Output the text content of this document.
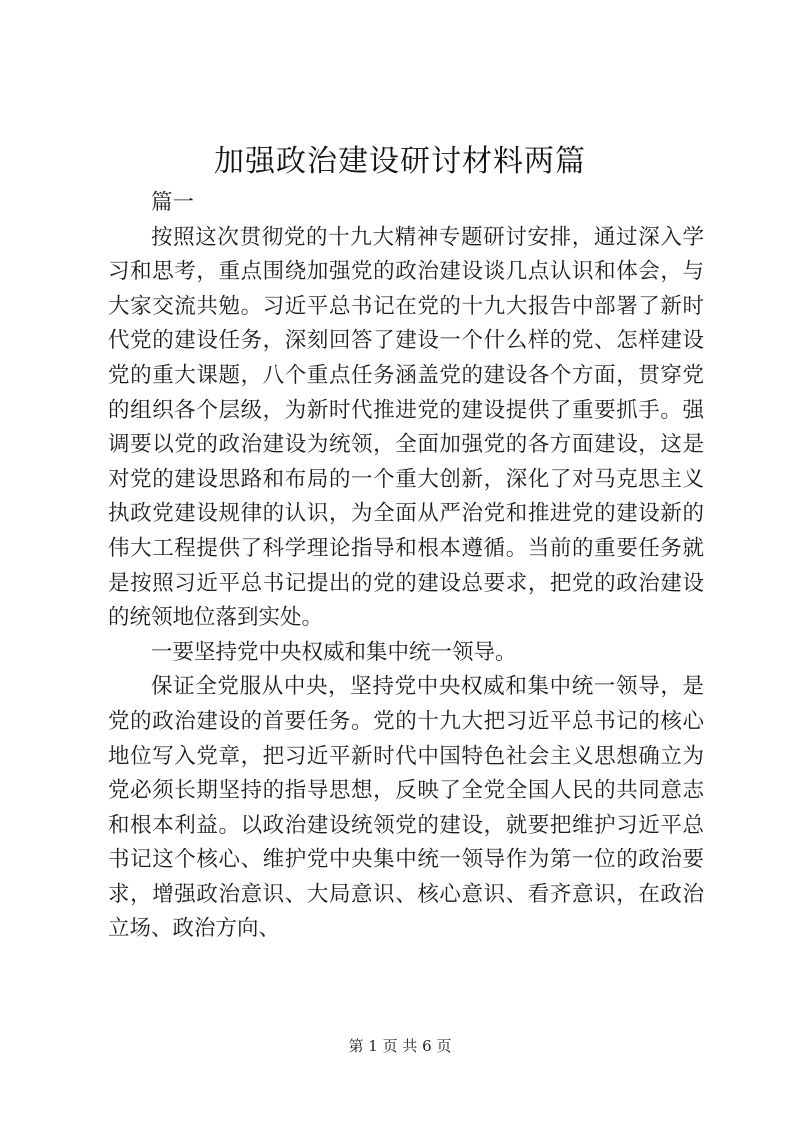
加强政治建设研讨材料两篇

篇一

按照这次贯彻党的十九大精神专题研讨安排，通过深入学习和思考，重点围绕加强党的政治建设谈几点认识和体会，与大家交流共勉。习近平总书记在党的十九大报告中部署了新时代党的建设任务，深刻回答了建设一个什么样的党、怎样建设党的重大课题，八个重点任务涵盖党的建设各个方面，贯穿党的组织各个层级，为新时代推进党的建设提供了重要抓手。强调要以党的政治建设为统领，全面加强党的各方面建设，这是对党的建设思路和布局的一个重大创新，深化了对马克思主义执政党建设规律的认识，为全面从严治党和推进党的建设新的伟大工程提供了科学理论指导和根本遵循。当前的重要任务就是按照习近平总书记提出的党的建设总要求，把党的政治建设的统领地位落到实处。

一要坚持党中央权威和集中统一领导。

保证全党服从中央，坚持党中央权威和集中统一领导，是党的政治建设的首要任务。党的十九大把习近平总书记的核心地位写入党章，把习近平新时代中国特色社会主义思想确立为党必须长期坚持的指导思想，反映了全党全国人民的共同意志和根本利益。以政治建设统领党的建设，就要把维护习近平总书记这个核心、维护党中央集中统一领导作为第一位的政治要求，增强政治意识、大局意识、核心意识、看齐意识，在政治立场、政治方向、

第 1 页 共 6 页
